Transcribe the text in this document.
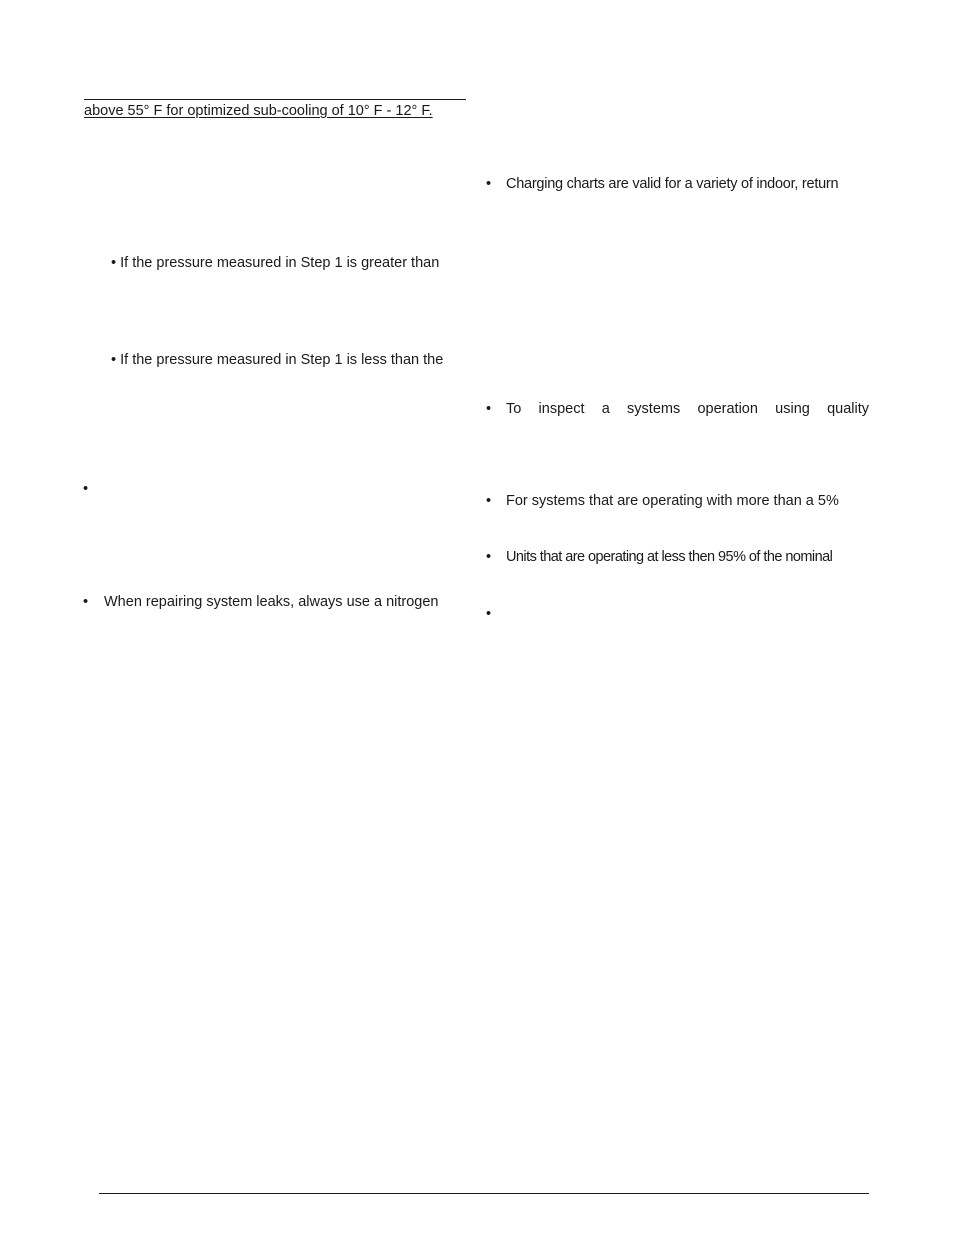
above 55° F for optimized sub-cooling of 10° F - 12° F.
• If the pressure measured in Step 1 is greater than
• If the pressure measured in Step 1 is less than the
•
• When repairing system leaks, always use a nitrogen
• Charging charts are valid for a variety of indoor, return
• To inspect a systems operation using quality
• For systems that are operating with more than a 5%
• Units that are operating at less then 95% of the nominal
•
